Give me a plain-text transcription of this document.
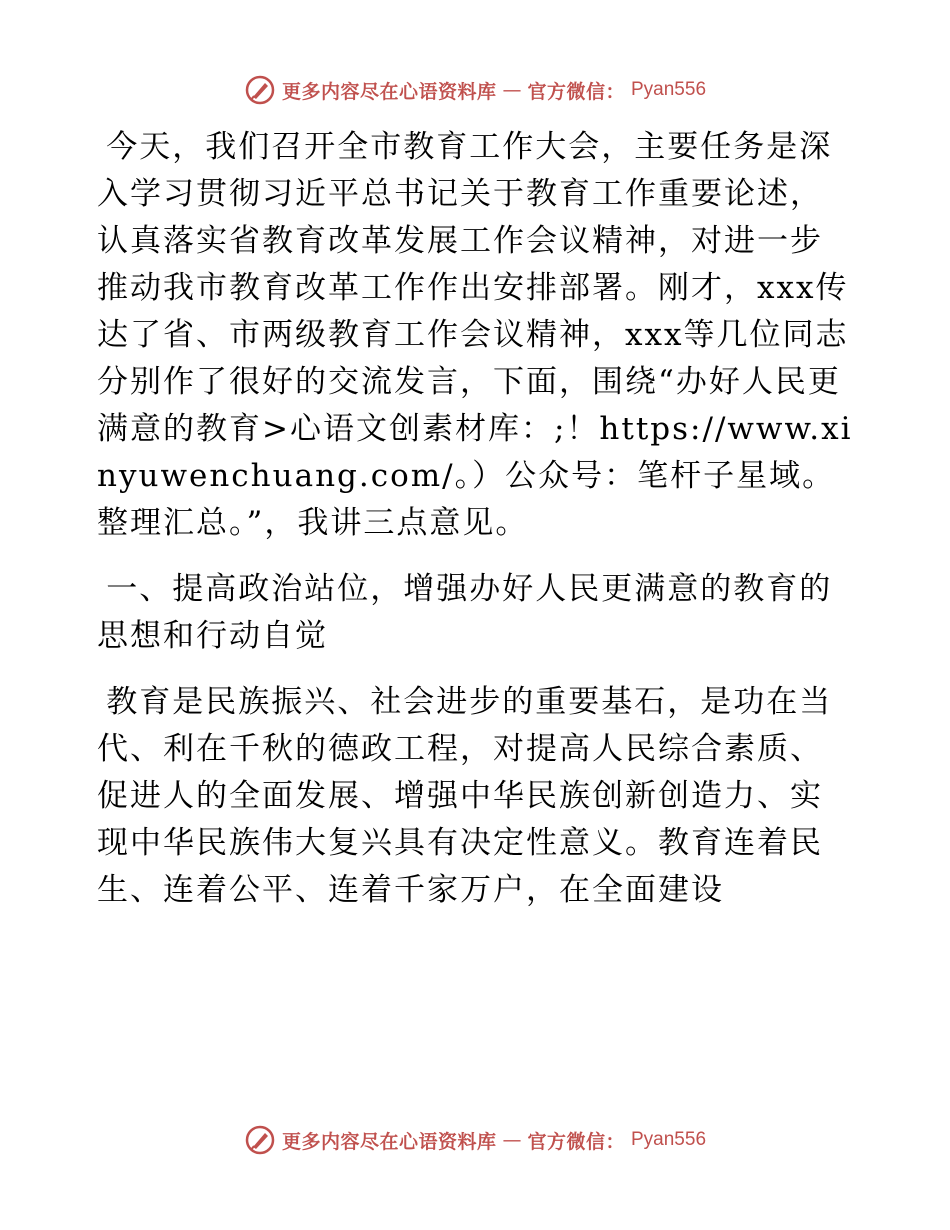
更多内容尽在心语资料库 — 官方微信： Pyan556

今天，我们召开全市教育工作大会，主要任务是深入学习贯彻习近平总书记关于教育工作重要论述，认真落实省教育改革发展工作会议精神，对进一步推动我市教育改革工作作出安排部署。刚才，xxx传达了省、市两级教育工作会议精神，xxx等几位同志分别作了很好的交流发言，下面，围绕“办好人民更满意的教育>心语文创素材库：;！https://www.xinyuwenchuang.com/。）公众号：笔杆子星域。整理汇总。”，我讲三点意见。

一、提高政治站位，增强办好人民更满意的教育的思想和行动自觉

教育是民族振兴、社会进步的重要基石，是功在当代、利在千秋的德政工程，对提高人民综合素质、促进人的全面发展、增强中华民族创新创造力、实现中华民族伟大复兴具有决定性意义。教育连着民生、连着公平、连着千家万户，在全面建设

更多内容尽在心语资料库 — 官方微信： Pyan556
